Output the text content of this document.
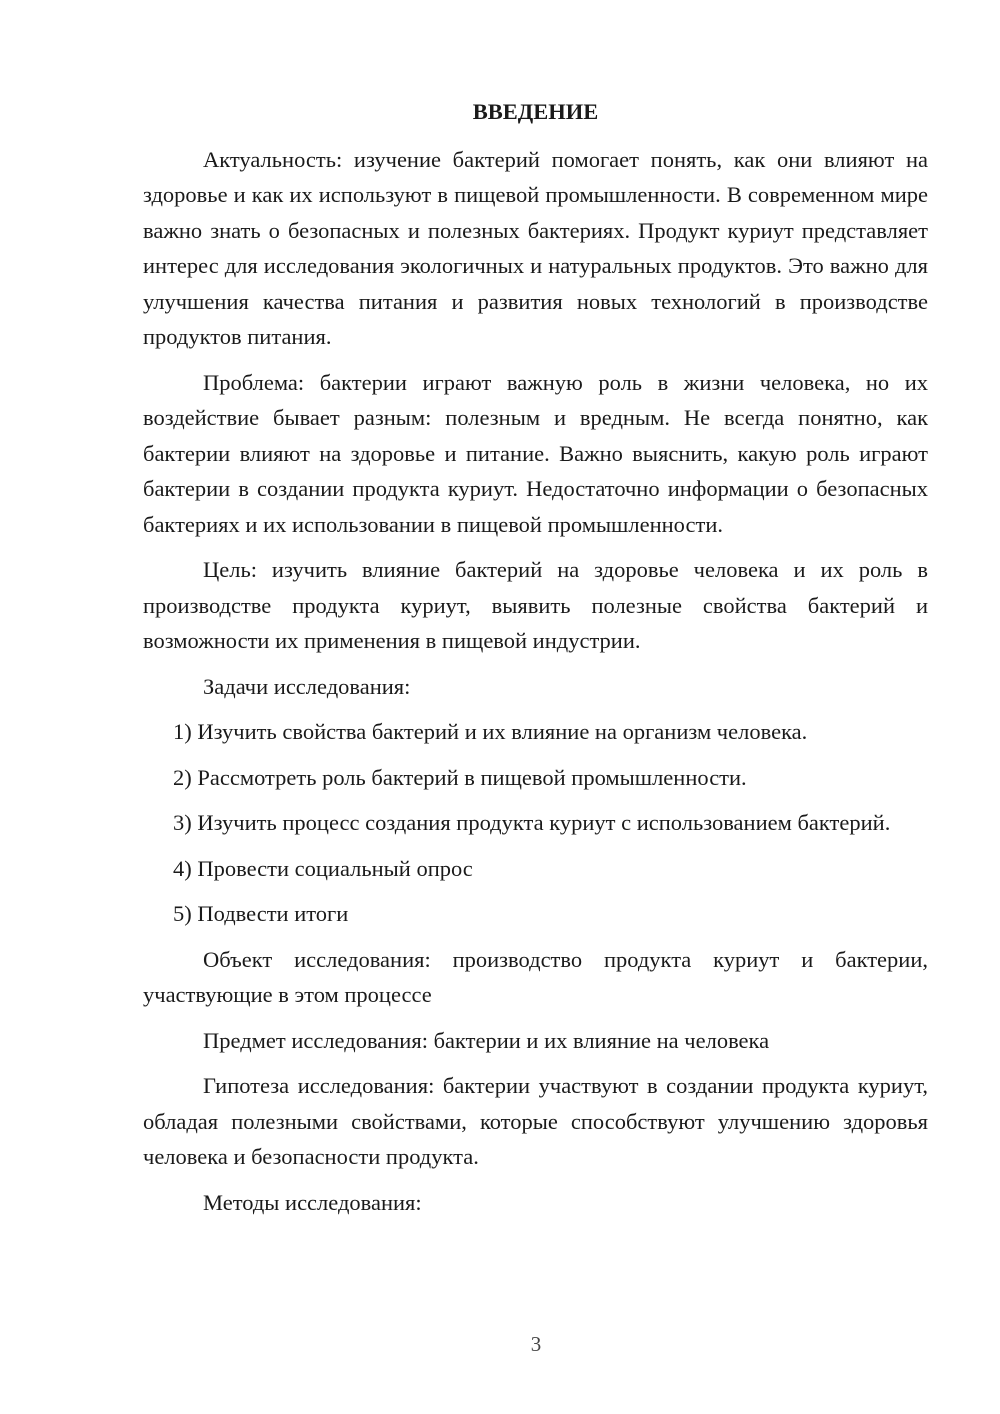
ВВЕДЕНИЕ

Актуальность: изучение бактерий помогает понять, как они влияют на здоровье и как их используют в пищевой промышленности. В современном мире важно знать о безопасных и полезных бактериях. Продукт куриут представляет интерес для исследования экологичных и натуральных продуктов. Это важно для улучшения качества питания и развития новых технологий в производстве продуктов питания.

Проблема: бактерии играют важную роль в жизни человека, но их воздействие бывает разным: полезным и вредным. Не всегда понятно, как бактерии влияют на здоровье и питание. Важно выяснить, какую роль играют бактерии в создании продукта куриут. Недостаточно информации о безопасных бактериях и их использовании в пищевой промышленности.

Цель: изучить влияние бактерий на здоровье человека и их роль в производстве продукта куриут, выявить полезные свойства бактерий и возможности их применения в пищевой индустрии.

Задачи исследования:

1) Изучить свойства бактерий и их влияние на организм человека.

2) Рассмотреть роль бактерий в пищевой промышленности.

3) Изучить процесс создания продукта куриут с использованием бактерий.

4) Провести социальный опрос

5) Подвести итоги

Объект исследования: производство продукта куриут и бактерии, участвующие в этом процессе

Предмет исследования: бактерии и их влияние на человека

Гипотеза исследования: бактерии участвуют в создании продукта куриут, обладая полезными свойствами, которые способствуют улучшению здоровья человека и безопасности продукта.

Методы исследования:

3
